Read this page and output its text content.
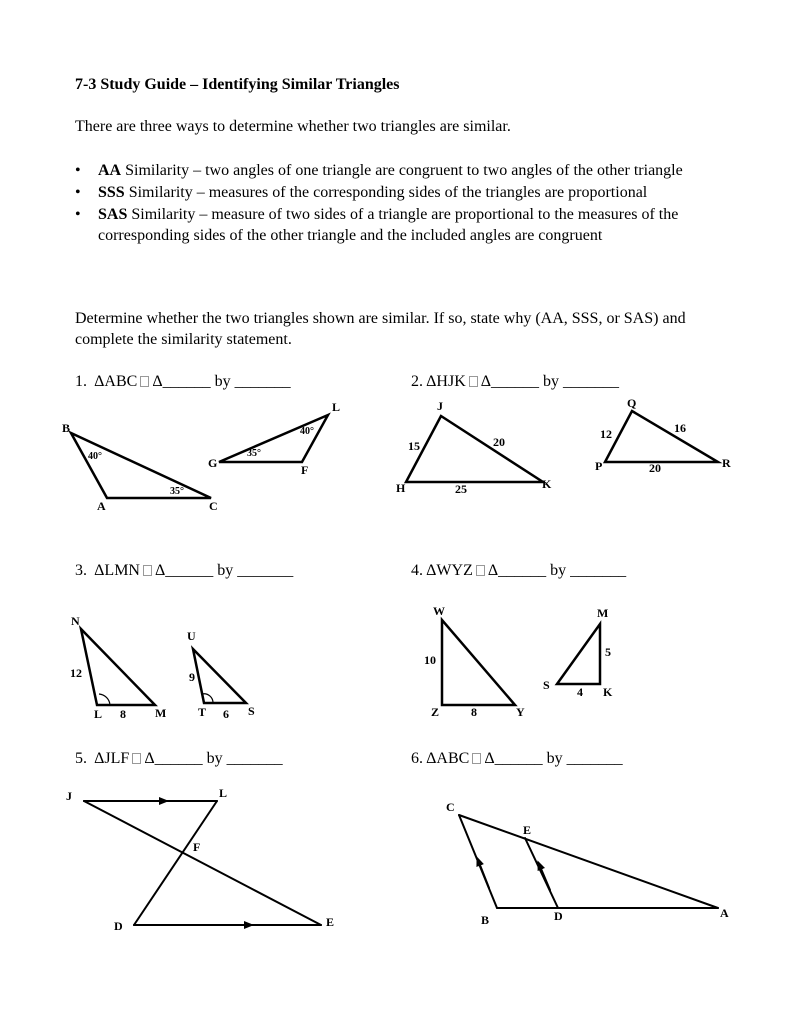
7-3 Study Guide – Identifying Similar Triangles
There are three ways to determine whether two triangles are similar.
• AA Similarity – two angles of one triangle are congruent to two angles of the other triangle
• SSS Similarity – measures of the corresponding sides of the triangles are proportional
• SAS Similarity – measure of two sides of a triangle are proportional to the measures of the corresponding sides of the other triangle and the included angles are congruent
Determine whether the two triangles shown are similar. If so, state why (AA, SSS, or SAS) and complete the similarity statement.
1. ΔABC Δ______ by _______	2. ΔHJK Δ______ by _______
3. ΔLMN Δ______ by _______	4. ΔWYZ Δ______ by _______
5. ΔJLF Δ______ by _______	6. ΔABC Δ______ by _______
B
A	C
40°
35°
L
G	F
40°
35°
J
H	K
15	20
25
Q
P	R
12	16
20
N
L	M
12
8
U
T	S
9
6
W
Z	Y
10
8
M
S	K
5
4
J	L
F
D	E
C
E
B	D	A
